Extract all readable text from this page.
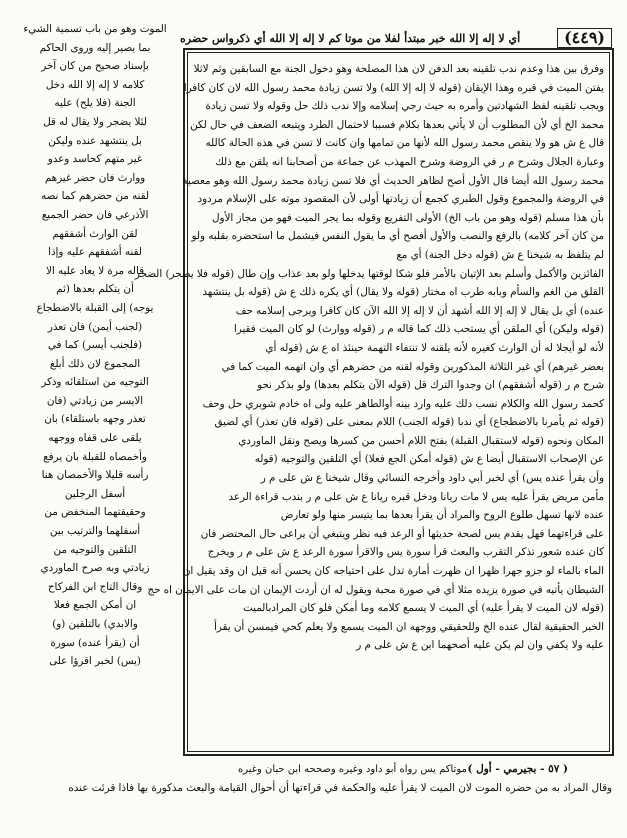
أي لا إله إلا الله خبر مبتدأ لفلا من موتا كم لا إله إلا الله أي ذكرواس حضره	(٤٤٩)

الموت وهو من باب تسمية الشيء

بما يصير إليه وروى الحاكم

بإسناد صحيح من كان آخر

كلامه لا إله إلا الله دخل

الجنة (فلا يلح) عليه

لئلا يضجر ولا يقال له قل

بل ينتشهد عنده وليكن

غير متهم كحاسد وعدو

ووارث فان حضر غيرهم

لقنه من حضرهم كما نصه

الأذرعي فان حضر الجميع

لقن الوارث أشفقهم

لقنه أشفقهم عليه وإذا

قاله مرة لا يعاد عليه الا

أن يتكلم بعدها (ثم

يوجه) إلى القبلة بالاضطجاع

(لجنب أيمن) فان تعذر

(فلجنب أيسر) كما في

المجموع لان ذلك أبلغ

التوجيه من استلقائه وذكر

الايسر من زيادتي (فان

تعذر وجهه باستلقاء) بان

يلقى على قفاه ووجهه

وأخمصاه للقبلة بان يرفع

رأسه قليلا والأخمصان هنا

أسفل الرجلين

وحقيقتهما المنخفض من

أسفلهما والترتيب بين

التلقين والتوجيه من

زيادتي وبه صرح الماوردي

وقال التاج ابن الفركاح

ان أمكن الجمع فعلا

والابدي) بالتلقين (و)

أن (يقرأ عنده) سورة

(يس) لخبر اقرؤا على

وفرق بين هذا وعدم ندب تلقينه بعد الدفن لان هذا المصلحة وهو دخول الجنة مع السابقين وثم لاثلا

يفتن الميت في قبره وهذا الإيقان (قوله لا إله إلا الله) ولا تسن زيادة محمد رسول الله لان كان كافرا

ويجب تلقينه لفظ الشهادتين وأمره به حيث رجي إسلامه وإلا ندب ذلك حل وقوله ولا تسن زيادة

محمد الخ أي لأن المطلوب أن لا يأتي بعدها بكلام فسببا لاحتمال الطرد ويتبعه الضعف في حال لكن

قال ع ش هو ولا ينقص محمد رسول الله لأنها من تمامها وان كانت لا تسن في هذه الحالة كالله

وعبارة الجلال وشرح م ر في الروضة وشرح المهذب عن جماعة من أصحابنا انه يلقن مع ذلك

محمد رسول الله أيضا قال الأول أصح لظاهر الحديث أي فلا تسن زيادة محمد رسول الله وهو معصية

في الروضة والمجموع وقول الطبري كجمع أن زيادتها أولى لأن المقصود موته على الإسلام مردود

بأن هذا مسلم (قوله وهو من باب الخ) الأولى التفريع وقوله بما يجر الميت فهو من مجاز الأول

من كان آخر كلامه) بالرفع والنصب والأول أفصح أي ما يقول النفس فيشمل ما استحضره بقلبه ولو

لم يتلفظ به شيخنا ع ش (قوله دخل الجنة) أي مع

الفائزين والأكمل وأسلم بعد الإتيان بالأمر فلو شكا لوقتها يدخلها ولو بعد عذاب وإن طال (قوله فلا يضجر) الضجر

القلق من الغم والسأم وبابه طرب اه مختار (قوله ولا يقال) أي يكره ذلك ع ش (قوله بل ينتشهد

عنده) أي بل يقال لا إله إلا الله أشهد أن لا إله إلا الله الآن كان كافرا ويرجى إسلامه حف

(قوله وليكن) أي الملقن أي يستحب ذلك كما قاله م ر (قوله ووارث) لو كان الميت فقيرا

لأنه لو أيجلا له أن الوارث كغيره لأنه يلقنه لا تنتفاء التهمة حينئذ اه ع ش (قوله أي

بعضر غيرهم) أي غير الثلاثة المذكورين وقوله لقنه من حضرهم أي وان اتهمه الميت كما في

شرح م ر (قوله أشفقهم) ان وجدوا الترك قل (قوله الآن يتكلم بعدها) ولو بذكر نحو

كحمد رسول الله والكلام نسب دلك عليه وارد بينه أوالطاهر عليه ولى اه خادم شوبري حل وحف

(قوله ثم يأمرنا بالاضطجاع) أي ندبا (قوله الجنب) اللام بمعنى على (قوله فان تعذر) أي لضيق

المكان ونحوه (قوله لاستقبال القبلة) بفتح اللام أحسن من كسرها ويصح ونقل الماوردي

عن الإصحاب الاستقبال أيضا ع ش (قوله أمكن الجع فعلا) أي التلقين والتوجيه (قوله

وأن يقرأ عنده يس) أي لخبر أبي داود وأخرجه النسائي وقال شيخنا ع ش على م ر

مأمن مريض يقرأ عليه يس لا مات ريانا ودخل قبره ريانا ع ش على م ر بندب قراءة الرعد

عنده لانها تسهل طلوع الروح والمراد أن يقرأ بعدها بما يتيسر منها ولو تعارض

على قراءتهما فهل يقدم يس لصحة حديثها أو الرعد فيه نظر ويتبغي أن يراعى حال المحتضر فان

كان عنده شعور تذكر التقرب والبعث قرأ سورة يس والاقرأ سورة الرعد ع ش على م ر ويخرج

الماء بالماء لو جزو جهرا ظهرا ان ظهرت أمارة تدل على احتياجه كان يحسن أنه قيل ان وقد يقيل ان

الشيطان يأتيه في صورة يزيده مثلا أي في صورة محبة ويقول له ان أردت الإيمان ان مات على الايمان اه حج

(قوله لان الميت لا يقرأ عليه) أي الميت لا يسمع كلامه وما أمكن فلو كان المرادبالميت

الخبر الحقيقية لقال عنده الخ وللحقيقي ووجهه ان الميت يسمع ولا يعلم كحي فيمسن أن يقرأ

عليه ولا يكفي وان لم يكن عليه أصحهما ابن ع ش على م ر

موتاكم يس رواه أبو داود وغيره وصححه ابن حبان وغيره ( ٥٧ - بجيرمي - أول )

وقال المراد به من حضره الموت لان الميت لا يقرأ عليه والحكمة في قراءتها أن أحوال القيامة والبعث مذكورة بها فاذا قرئت عنده
